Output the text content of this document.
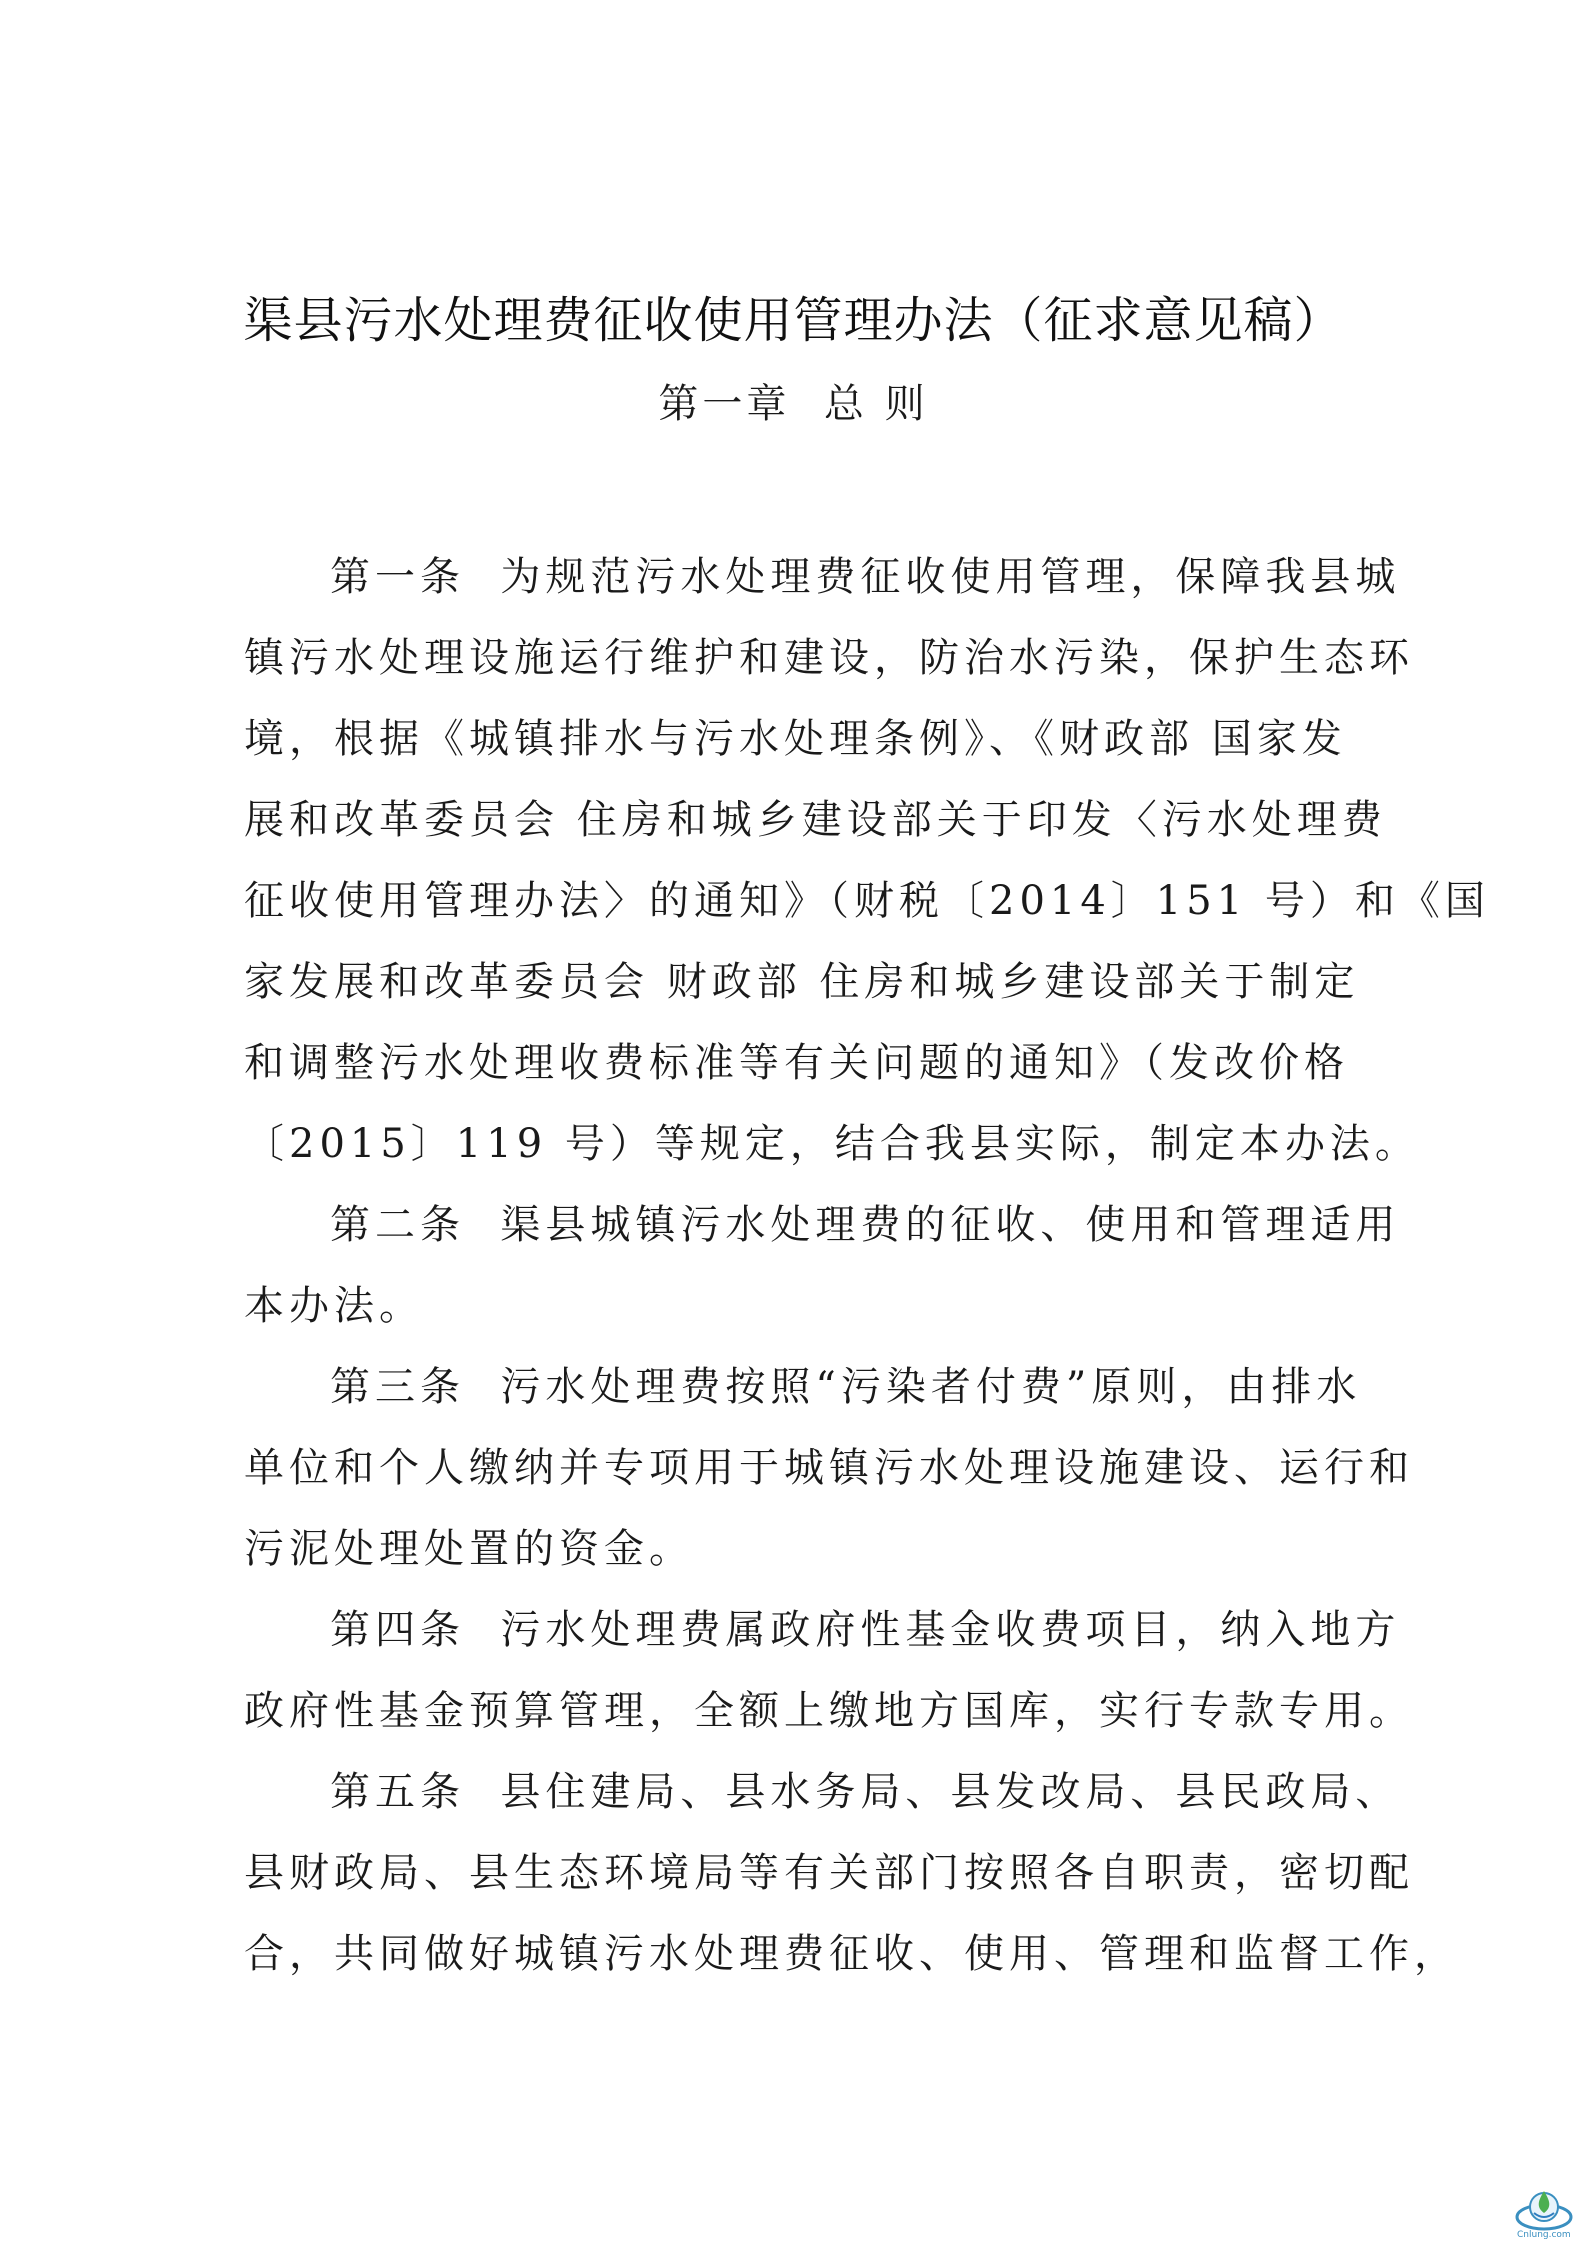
渠县污水处理费征收使用管理办法（征求意见稿）
第一章  总 则
第一条  为规范污水处理费征收使用管理，保障我县城
镇污水处理设施运行维护和建设，防治水污染，保护生态环
境，根据《城镇排水与污水处理条例》、《财政部 国家发
展和改革委员会 住房和城乡建设部关于印发〈污水处理费
征收使用管理办法〉的通知》（财税〔2014〕151 号）和《国
家发展和改革委员会 财政部 住房和城乡建设部关于制定
和调整污水处理收费标准等有关问题的通知》（发改价格
〔2015〕119 号）等规定，结合我县实际，制定本办法。
第二条  渠县城镇污水处理费的征收、使用和管理适用
本办法。
第三条  污水处理费按照“污染者付费”原则，由排水
单位和个人缴纳并专项用于城镇污水处理设施建设、运行和
污泥处理处置的资金。
第四条  污水处理费属政府性基金收费项目，纳入地方
政府性基金预算管理，全额上缴地方国库，实行专款专用。
第五条  县住建局、县水务局、县发改局、县民政局、
县财政局、县生态环境局等有关部门按照各自职责，密切配
合，共同做好城镇污水处理费征收、使用、管理和监督工作，
Cnlung.com
